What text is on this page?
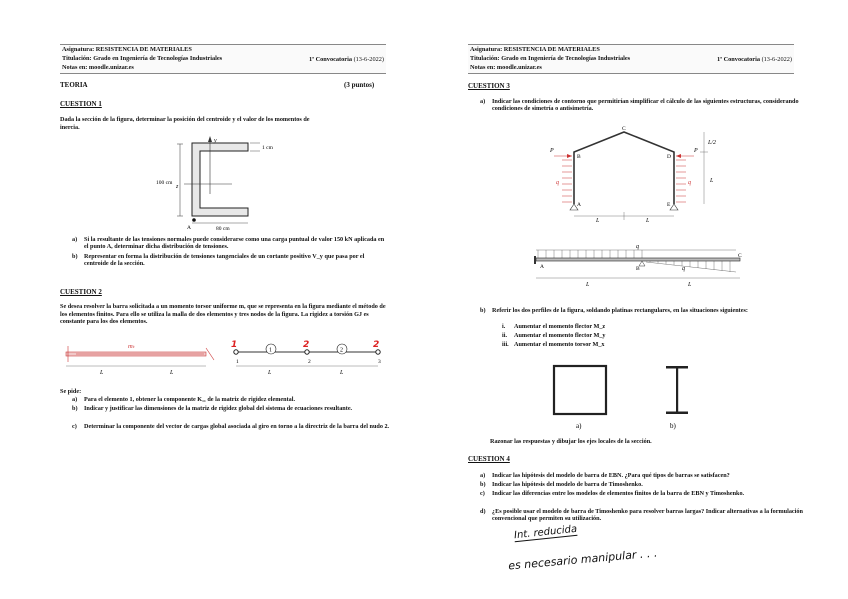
Asignatura: RESISTENCIA DE MATERIALES
Titulación: Grado en Ingeniería de Tecnologías Industriales
Notas en: moodle.unizar.es
1ª Convocatoria (13-6-2022)
TEORIA	(3 puntos)
CUESTION 1
Dada la sección de la figura, determinar la posición del centroide y el valor de los momentos de
inercia.
100 cm
1 cm
y
z
A	80 cm
a)	Si la resultante de las tensiones normales puede considerarse como una carga puntual de valor 150 kN aplicada en el punto A, determinar dicha distribución de tensiones.
b)	Representar en forma la distribución de tensiones tangenciales de un cortante positivo V_y que pasa por el centroide de la sección.
CUESTION 2
Se desea resolver la barra solicitada a un momento torsor uniforme m, que se representa en la figura mediante el método de los elementos finitos. Para ello se utiliza la malla de dos elementos y tres nodos de la figura. La rigidez a torsión GJ es constante para los dos elementos.
mₜ
L	L
1	2
1	2	3
1	2	2
L	L
Se pide:
a)	Para el elemento 1, obtener la componente K₁₁ de la matriz de rigidez elemental.
b)	Indicar y justificar las dimensiones de la matriz de rigidez global del sistema de ecuaciones resultante.
c)	Determinar la componente del vector de cargas global asociada al giro en torno a la directriz de la barra del nudo 2.
Asignatura: RESISTENCIA DE MATERIALES
Titulación: Grado en Ingeniería de Tecnologías Industriales
Notas en: moodle.unizar.es
1ª Convocatoria (13-6-2022)
CUESTION 3
a)	Indicar las condiciones de contorno que permitirían simplificar el cálculo de las siguientes estructuras, considerando condiciones de simetría o antisimetría.
P	P
q	q
A
B
C
D
E
L	L
L/2
L
q
q
A	B
C
L	L
b)	Referir los dos perfiles de la figura, soldando platinas rectangulares, en las situaciones siguientes:
i.	Aumentar el momento flector M_z
ii.	Aumentar el momento flector M_y
iii. Aumentar el momento torsor M_x
a)	b)
Razonar las respuestas y dibujar los ejes locales de la sección.
CUESTION 4
a)	Indicar las hipótesis del modelo de barra de EBN. ¿Para qué tipos de barras se satisfacen?
b)	Indicar las hipótesis del modelo de barra de Timoshenko.
c)	Indicar las diferencias entre los modelos de elementos finitos de la barra de EBN y Timoshenko.
d)	¿Es posible usar el modelo de barra de Timoshenko para resolver barras largas? Indicar alternativas a la formulación convencional que permiten su utilización.
Int. reducida
es necesario manipular . . .
